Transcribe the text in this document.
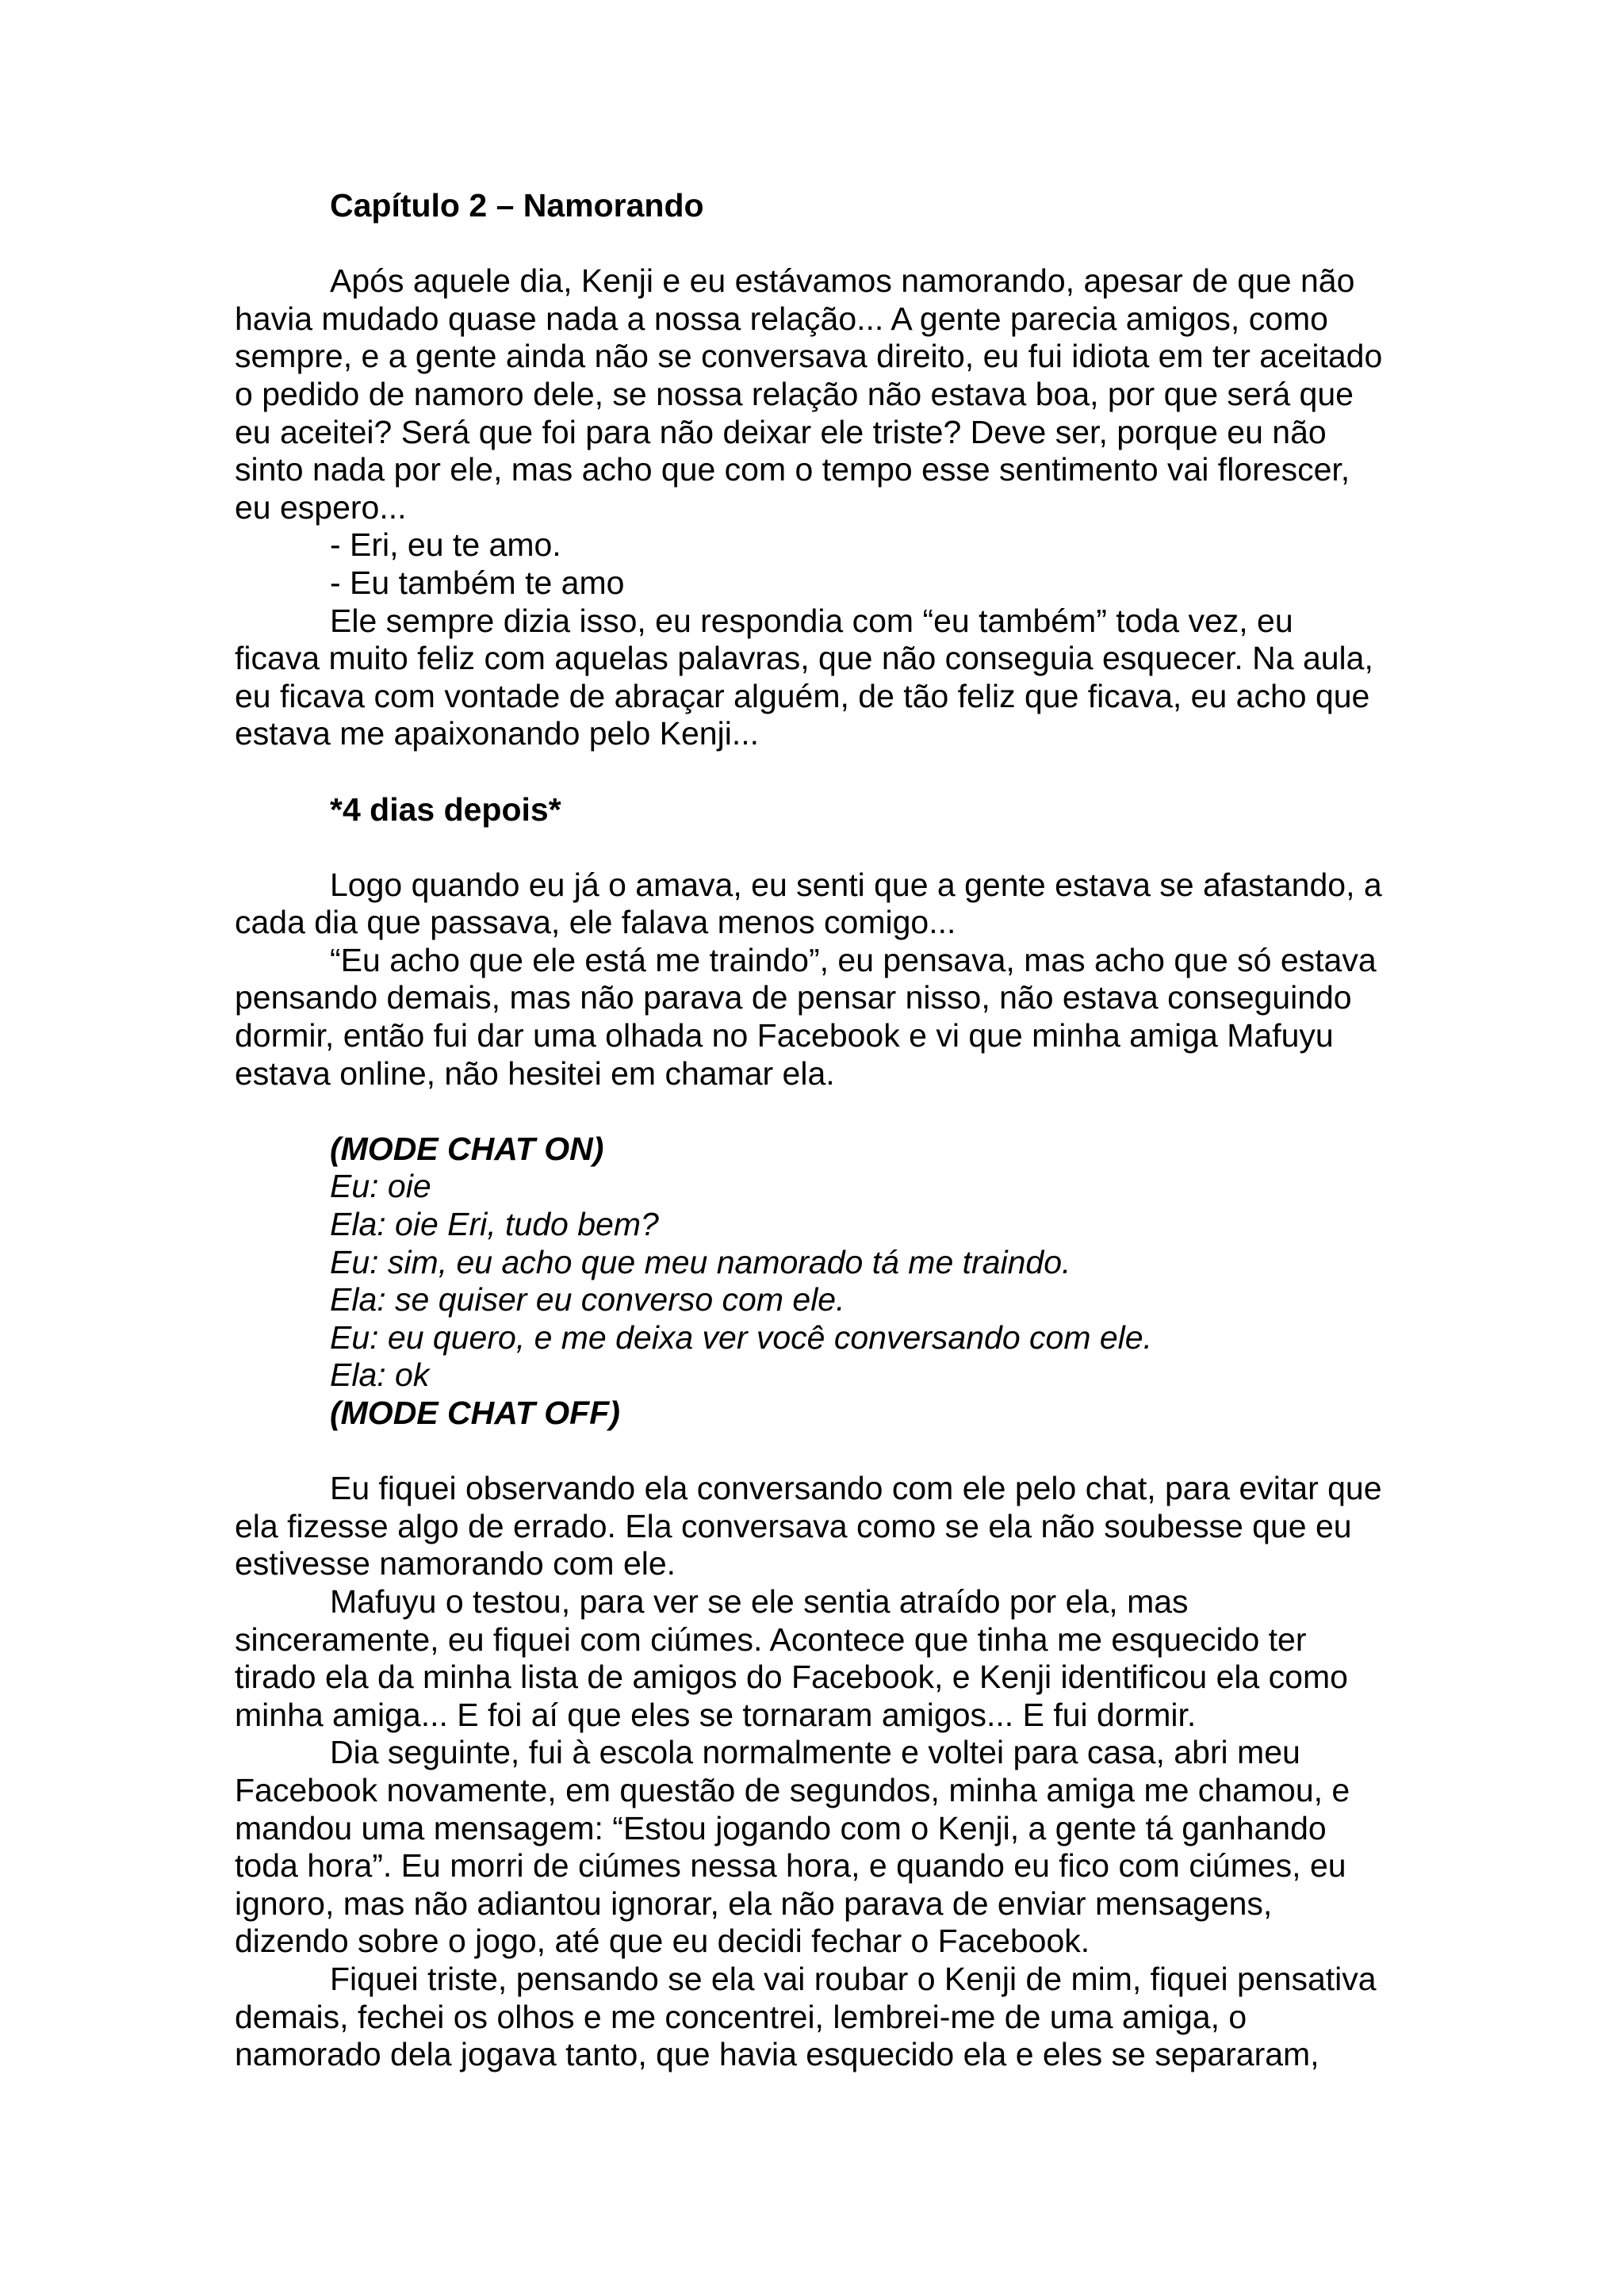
Capítulo 2 – Namorando

Após aquele dia, Kenji e eu estávamos namorando, apesar de que não
havia mudado quase nada a nossa relação... A gente parecia amigos, como
sempre, e a gente ainda não se conversava direito, eu fui idiota em ter aceitado
o pedido de namoro dele, se nossa relação não estava boa, por que será que
eu aceitei? Será que foi para não deixar ele triste? Deve ser, porque eu não
sinto nada por ele, mas acho que com o tempo esse sentimento vai florescer,
eu espero...
- Eri, eu te amo.
- Eu também te amo
Ele sempre dizia isso, eu respondia com “eu também” toda vez, eu
ficava muito feliz com aquelas palavras, que não conseguia esquecer. Na aula,
eu ficava com vontade de abraçar alguém, de tão feliz que ficava, eu acho que
estava me apaixonando pelo Kenji...

*4 dias depois*

Logo quando eu já o amava, eu senti que a gente estava se afastando, a
cada dia que passava, ele falava menos comigo...
“Eu acho que ele está me traindo”, eu pensava, mas acho que só estava
pensando demais, mas não parava de pensar nisso, não estava conseguindo
dormir, então fui dar uma olhada no Facebook e vi que minha amiga Mafuyu
estava online, não hesitei em chamar ela.
(MODE CHAT ON)
Eu: oie
Ela: oie Eri, tudo bem?
Eu: sim, eu acho que meu namorado tá me traindo.
Ela: se quiser eu converso com ele.
Eu: eu quero, e me deixa ver você conversando com ele.
Ela: ok
(MODE CHAT OFF)
Eu fiquei observando ela conversando com ele pelo chat, para evitar que
ela fizesse algo de errado. Ela conversava como se ela não soubesse que eu
estivesse namorando com ele.
Mafuyu o testou, para ver se ele sentia atraído por ela, mas
sinceramente, eu fiquei com ciúmes. Acontece que tinha me esquecido ter
tirado ela da minha lista de amigos do Facebook, e Kenji identificou ela como
minha amiga... E foi aí que eles se tornaram amigos... E fui dormir.
Dia seguinte, fui à escola normalmente e voltei para casa, abri meu
Facebook novamente, em questão de segundos, minha amiga me chamou, e
mandou uma mensagem: “Estou jogando com o Kenji, a gente tá ganhando
toda hora”. Eu morri de ciúmes nessa hora, e quando eu fico com ciúmes, eu
ignoro, mas não adiantou ignorar, ela não parava de enviar mensagens,
dizendo sobre o jogo, até que eu decidi fechar o Facebook.
Fiquei triste, pensando se ela vai roubar o Kenji de mim, fiquei pensativa
demais, fechei os olhos e me concentrei, lembrei-me de uma amiga, o
namorado dela jogava tanto, que havia esquecido ela e eles se separaram,
